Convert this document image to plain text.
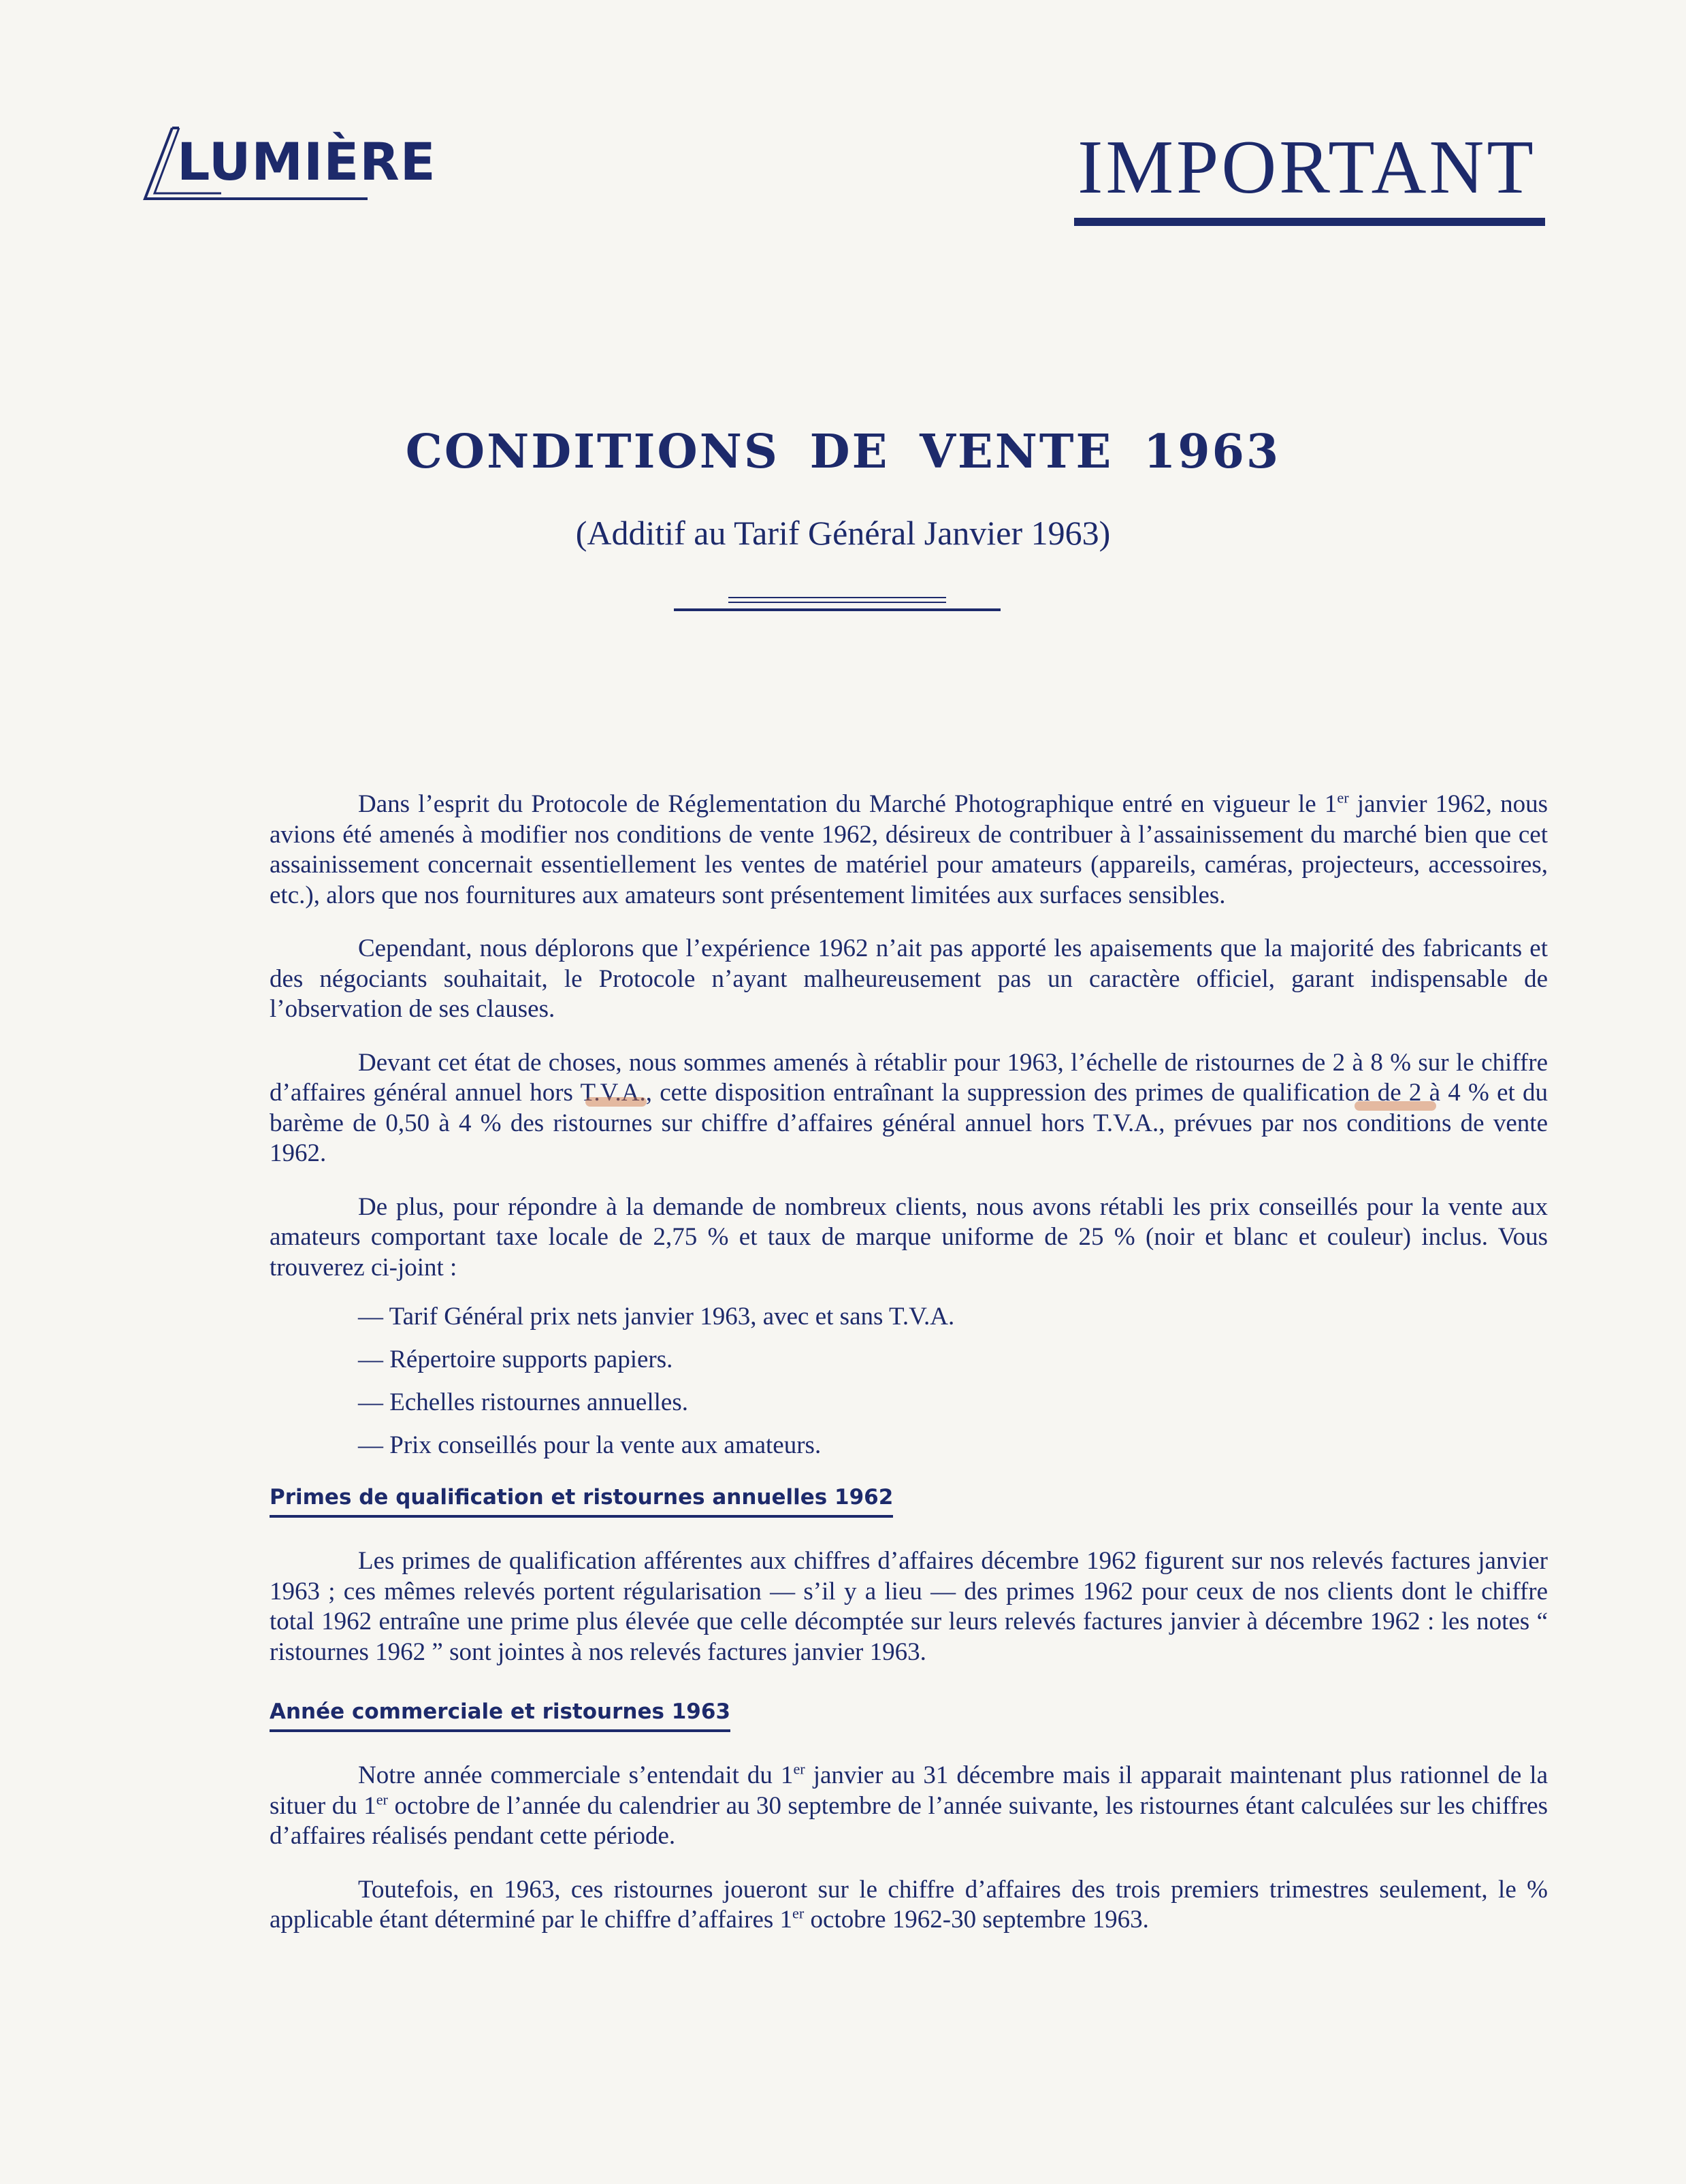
LUMIÈRE	IMPORTANT
CONDITIONS DE VENTE 1963
(Additif au Tarif Général Janvier 1963)

Dans l’esprit du Protocole de Réglementation du Marché Photographique entré en vigueur le 1er janvier 1962, nous avions été amenés à modifier nos conditions de vente 1962, désireux de contribuer à l’assainissement du marché bien que cet assainissement concernait essentiellement les ventes de matériel pour amateurs (appareils, caméras, projecteurs, accessoires, etc.), alors que nos fournitures aux amateurs sont présentement limitées aux surfaces sensibles.

Cependant, nous déplorons que l’expérience 1962 n’ait pas apporté les apaisements que la majorité des fabricants et des négociants souhaitait, le Protocole n’ayant malheureusement pas un caractère officiel, garant indispensable de l’observation de ses clauses.

Devant cet état de choses, nous sommes amenés à rétablir pour 1963, l’échelle de ristournes de 2 à 8 % sur le chiffre d’affaires général annuel hors T.V.A., cette disposition entraînant la suppression des primes de qualification de 2 à 4 % et du barème de 0,50 à 4 % des ristournes sur chiffre d’affaires général annuel hors T.V.A., prévues par nos conditions de vente 1962.

De plus, pour répondre à la demande de nombreux clients, nous avons rétabli les prix conseillés pour la vente aux amateurs comportant taxe locale de 2,75 % et taux de marque uniforme de 25 % (noir et blanc et couleur) inclus. Vous trouverez ci-joint :

— Tarif Général prix nets janvier 1963, avec et sans T.V.A.
— Répertoire supports papiers.
— Echelles ristournes annuelles.
— Prix conseillés pour la vente aux amateurs.
Primes de qualification et ristournes annuelles 1962

Les primes de qualification afférentes aux chiffres d’affaires décembre 1962 figurent sur nos relevés factures janvier 1963 ; ces mêmes relevés portent régularisation — s’il y a lieu — des primes 1962 pour ceux de nos clients dont le chiffre total 1962 entraîne une prime plus élevée que celle décomptée sur leurs relevés factures janvier à décembre 1962 : les notes “ ristournes 1962 ” sont jointes à nos relevés factures janvier 1963.

Année commerciale et ristournes 1963

Notre année commerciale s’entendait du 1er janvier au 31 décembre mais il apparait maintenant plus rationnel de la situer du 1er octobre de l’année du calendrier au 30 septembre de l’année suivante, les ristournes étant calculées sur les chiffres d’affaires réalisés pendant cette période.

Toutefois, en 1963, ces ristournes joueront sur le chiffre d’affaires des trois premiers trimestres seulement, le % applicable étant déterminé par le chiffre d’affaires 1er octobre 1962-30 septembre 1963.
